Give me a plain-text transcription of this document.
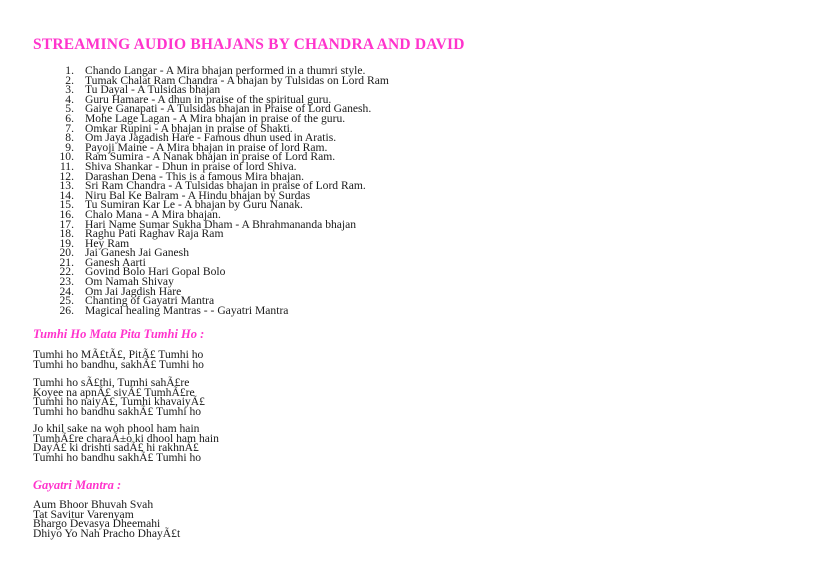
STREAMING AUDIO BHAJANS BY CHANDRA AND DAVID
1. Chando Langar - A Mira bhajan performed in a thumri style.
2. Tumak Chalat Ram Chandra - A bhajan by Tulsidas on Lord Ram
3. Tu Dayal - A Tulsidas bhajan
4. Guru Hamare - A dhun in praise of the spiritual guru.
5. Gaiye Ganapati - A Tulsidas bhajan in Praise of Lord Ganesh.
6. Mohe Lage Lagan - A Mira bhajan in praise of the guru.
7. Omkar Rupini - A bhajan in praise of Shakti.
8. Om Jaya Jagadish Hare - Famous dhun used in Aratis.
9. Payoji Maine - A Mira bhajan in praise of lord Ram.
10. Ram Sumira - A Nanak bhajan in praise of Lord Ram.
11. Shiva Shankar - Dhun in praise of lord Shiva.
12. Darashan Dena - This is a famous Mira bhajan.
13. Sri Ram Chandra - A Tulsidas bhajan in praise of Lord Ram.
14. Niru Bal Ke Balram - A Hindu bhajan by Surdas
15. Tu Sumiran Kar Le - A bhajan by Guru Nanak.
16. Chalo Mana - A Mira bhajan.
17. Hari Name Sumar Sukha Dham - A Bhrahmananda bhajan
18. Raghu Pati Raghav Raja Ram
19. Hey Ram
20. Jai Ganesh Jai Ganesh
21. Ganesh Aarti
22. Govind Bolo Hari Gopal Bolo
23. Om Namah Shivay
24. Om Jai Jagdish Hare
25. Chanting of Gayatri Mantra
26. Magical healing Mantras - - Gayatri Mantra
Tumhi Ho Mata Pita Tumhi Ho :
Tumhi ho MÃ£tÃ£, PitÃ£ Tumhi ho
Tumhi ho bandhu, sakhÃ£ Tumhi ho
Tumhi ho sÃ£thi, Tumhi sahÃ£re
Koyee na apnÃ£ sivÃ£ TumhÃ£re
Tumhi ho naiyÃ£, Tumhi khavaiyÃ£
Tumhi ho bandhu sakhÃ£ Tumhi ho
Jo khil sake na woh phool ham hain
TumhÃ£re charaÃ±o ki dhool ham hain
DayÃ£ ki drishti sadÃ£ hi rakhnÃ£
Tumhi ho bandhu sakhÃ£ Tumhi ho
Gayatri Mantra :
Aum Bhoor Bhuvah Svah
Tat Savitur Varenyam
Bhargo Devasya Dheemahi
Dhiyo Yo Nah Pracho DhayÃ£t
